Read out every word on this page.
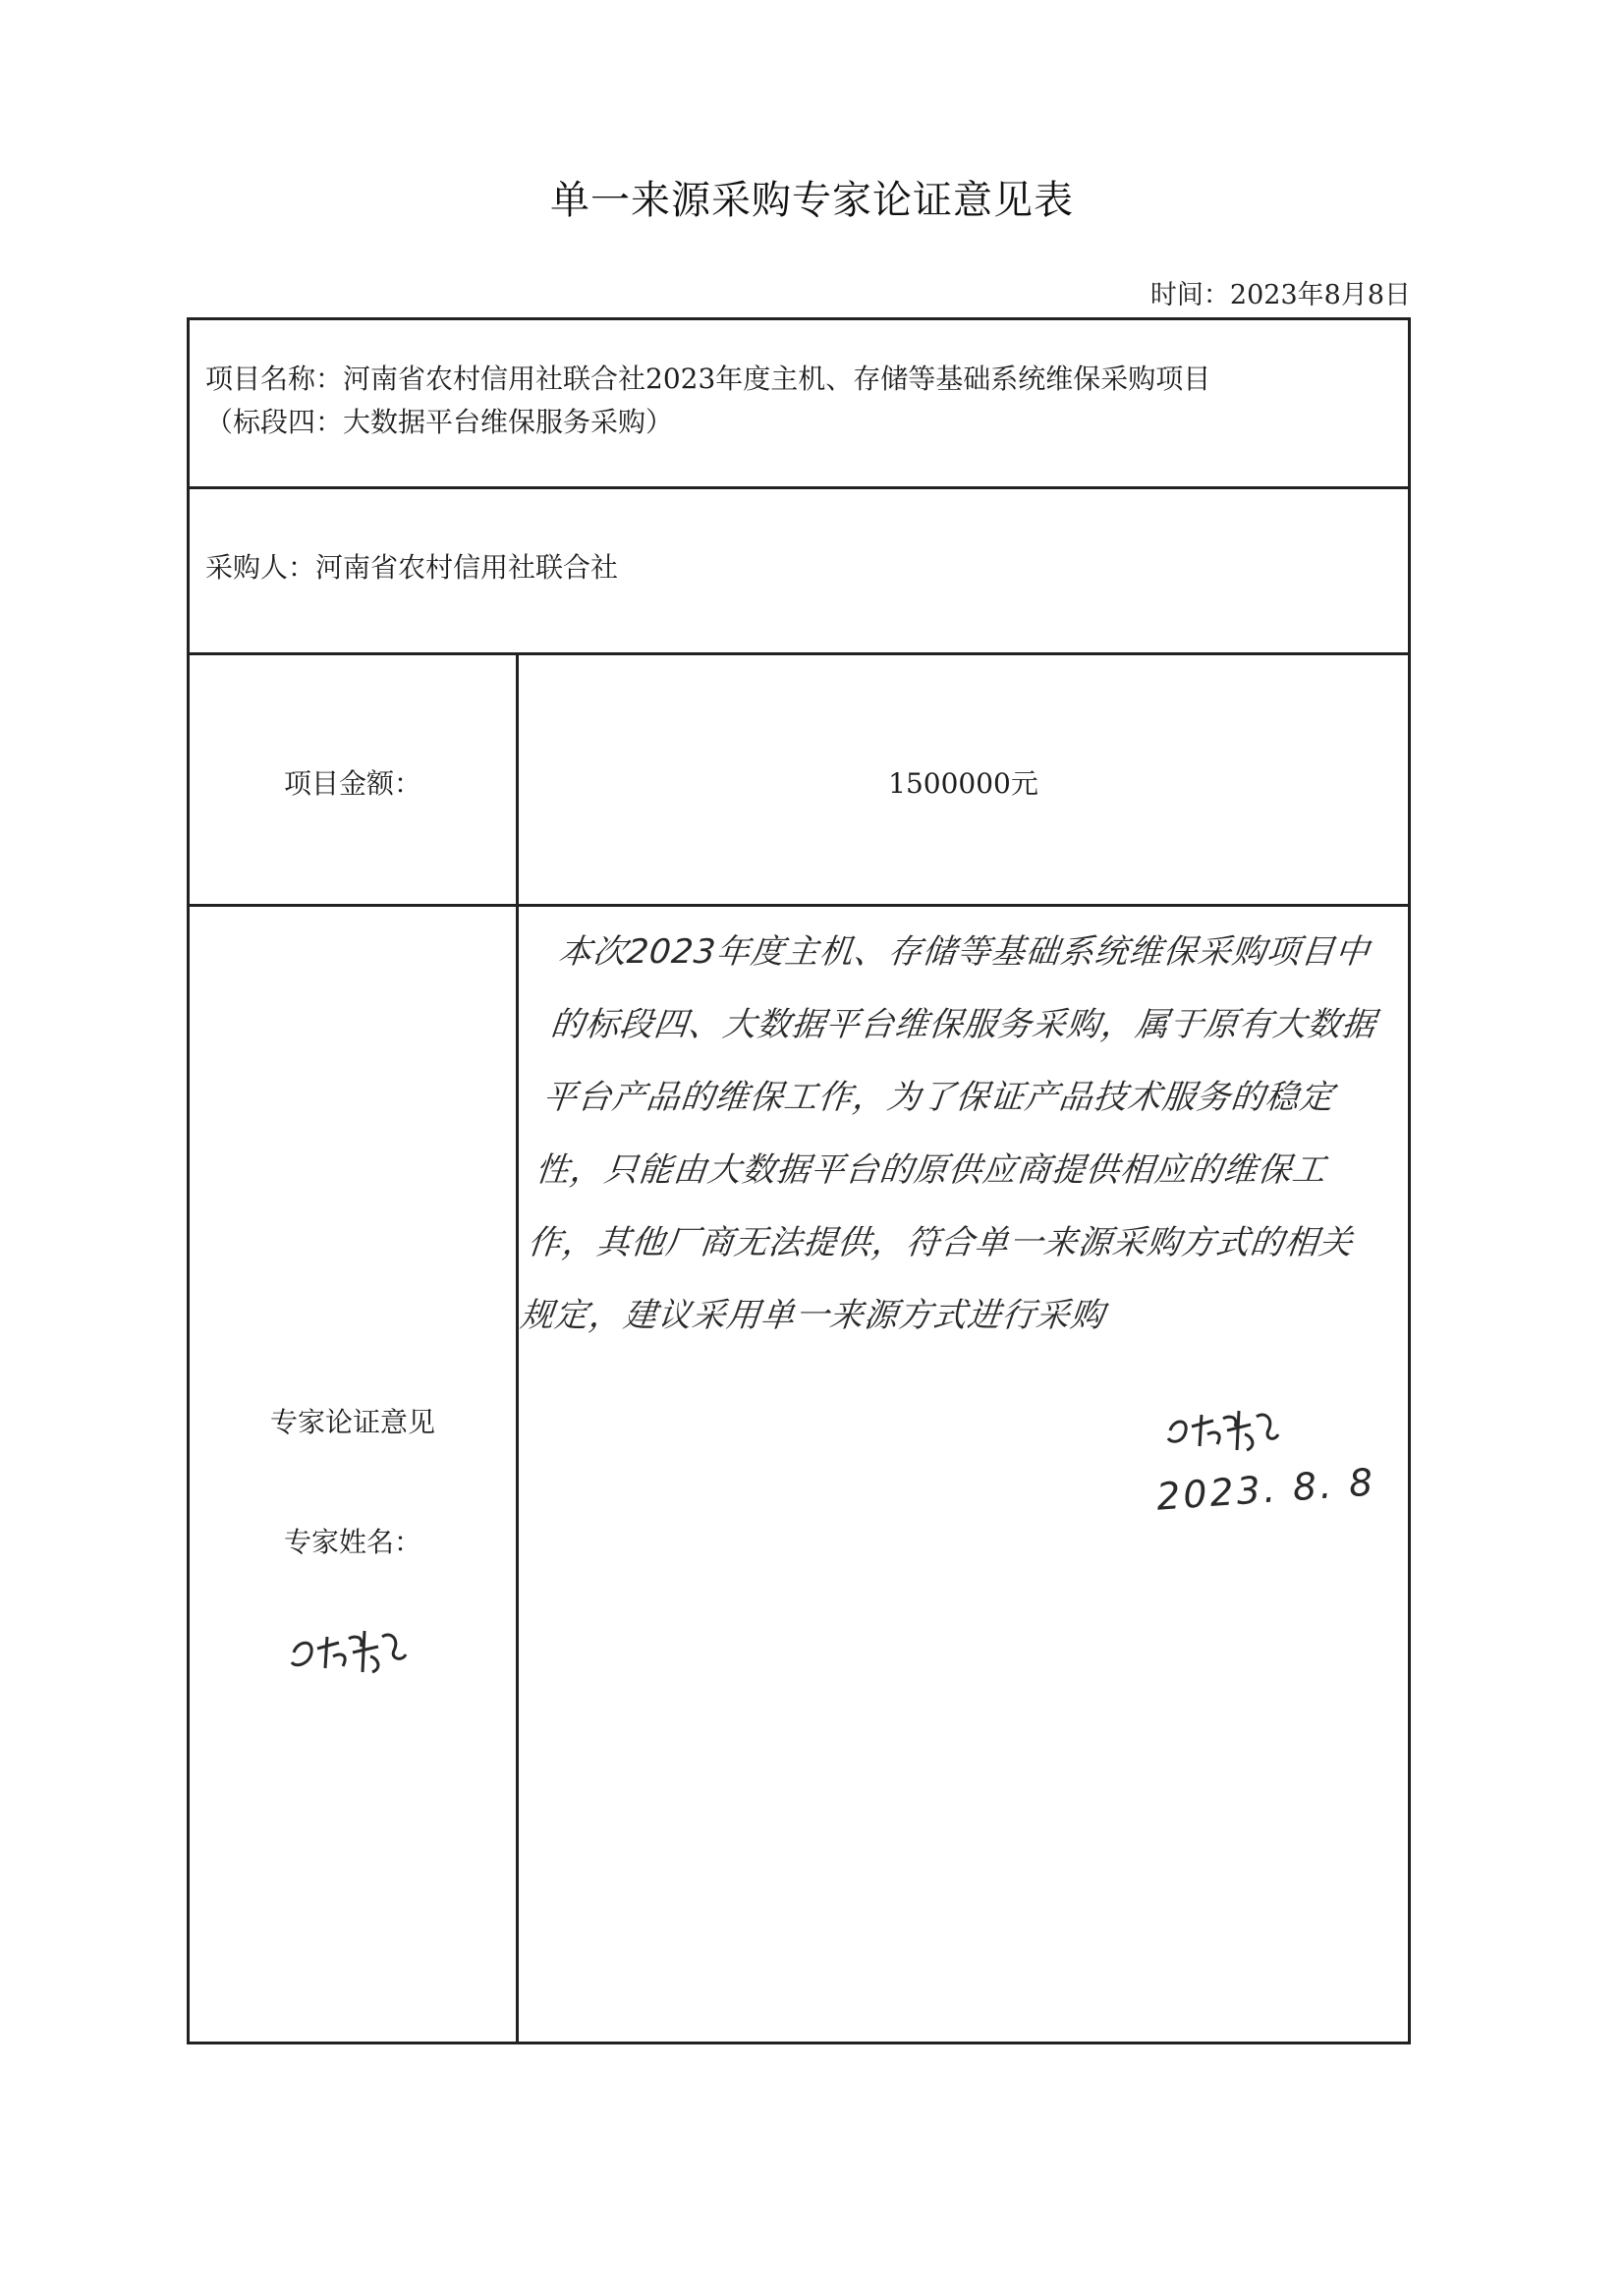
单一来源采购专家论证意见表
时间：2023年8月8日
项目名称：河南省农村信用社联合社2023年度主机、存储等基础系统维保采购项目
（标段四：大数据平台维保服务采购）
采购人：河南省农村信用社联合社
项目金额：	1500000元
专家论证意见
专家姓名：
本次2023年度主机、存储等基础系统维保采购项目中的标段四、大数据平台维保服务采购，属于原有大数据平台产品的维保工作，为了保证产品技术服务的稳定性，只能由大数据平台的原供应商提供相应的维保工作，其他厂商无法提供，符合单一来源采购方式的相关规定，建议采用单一来源方式进行采购
2023. 8. 8
